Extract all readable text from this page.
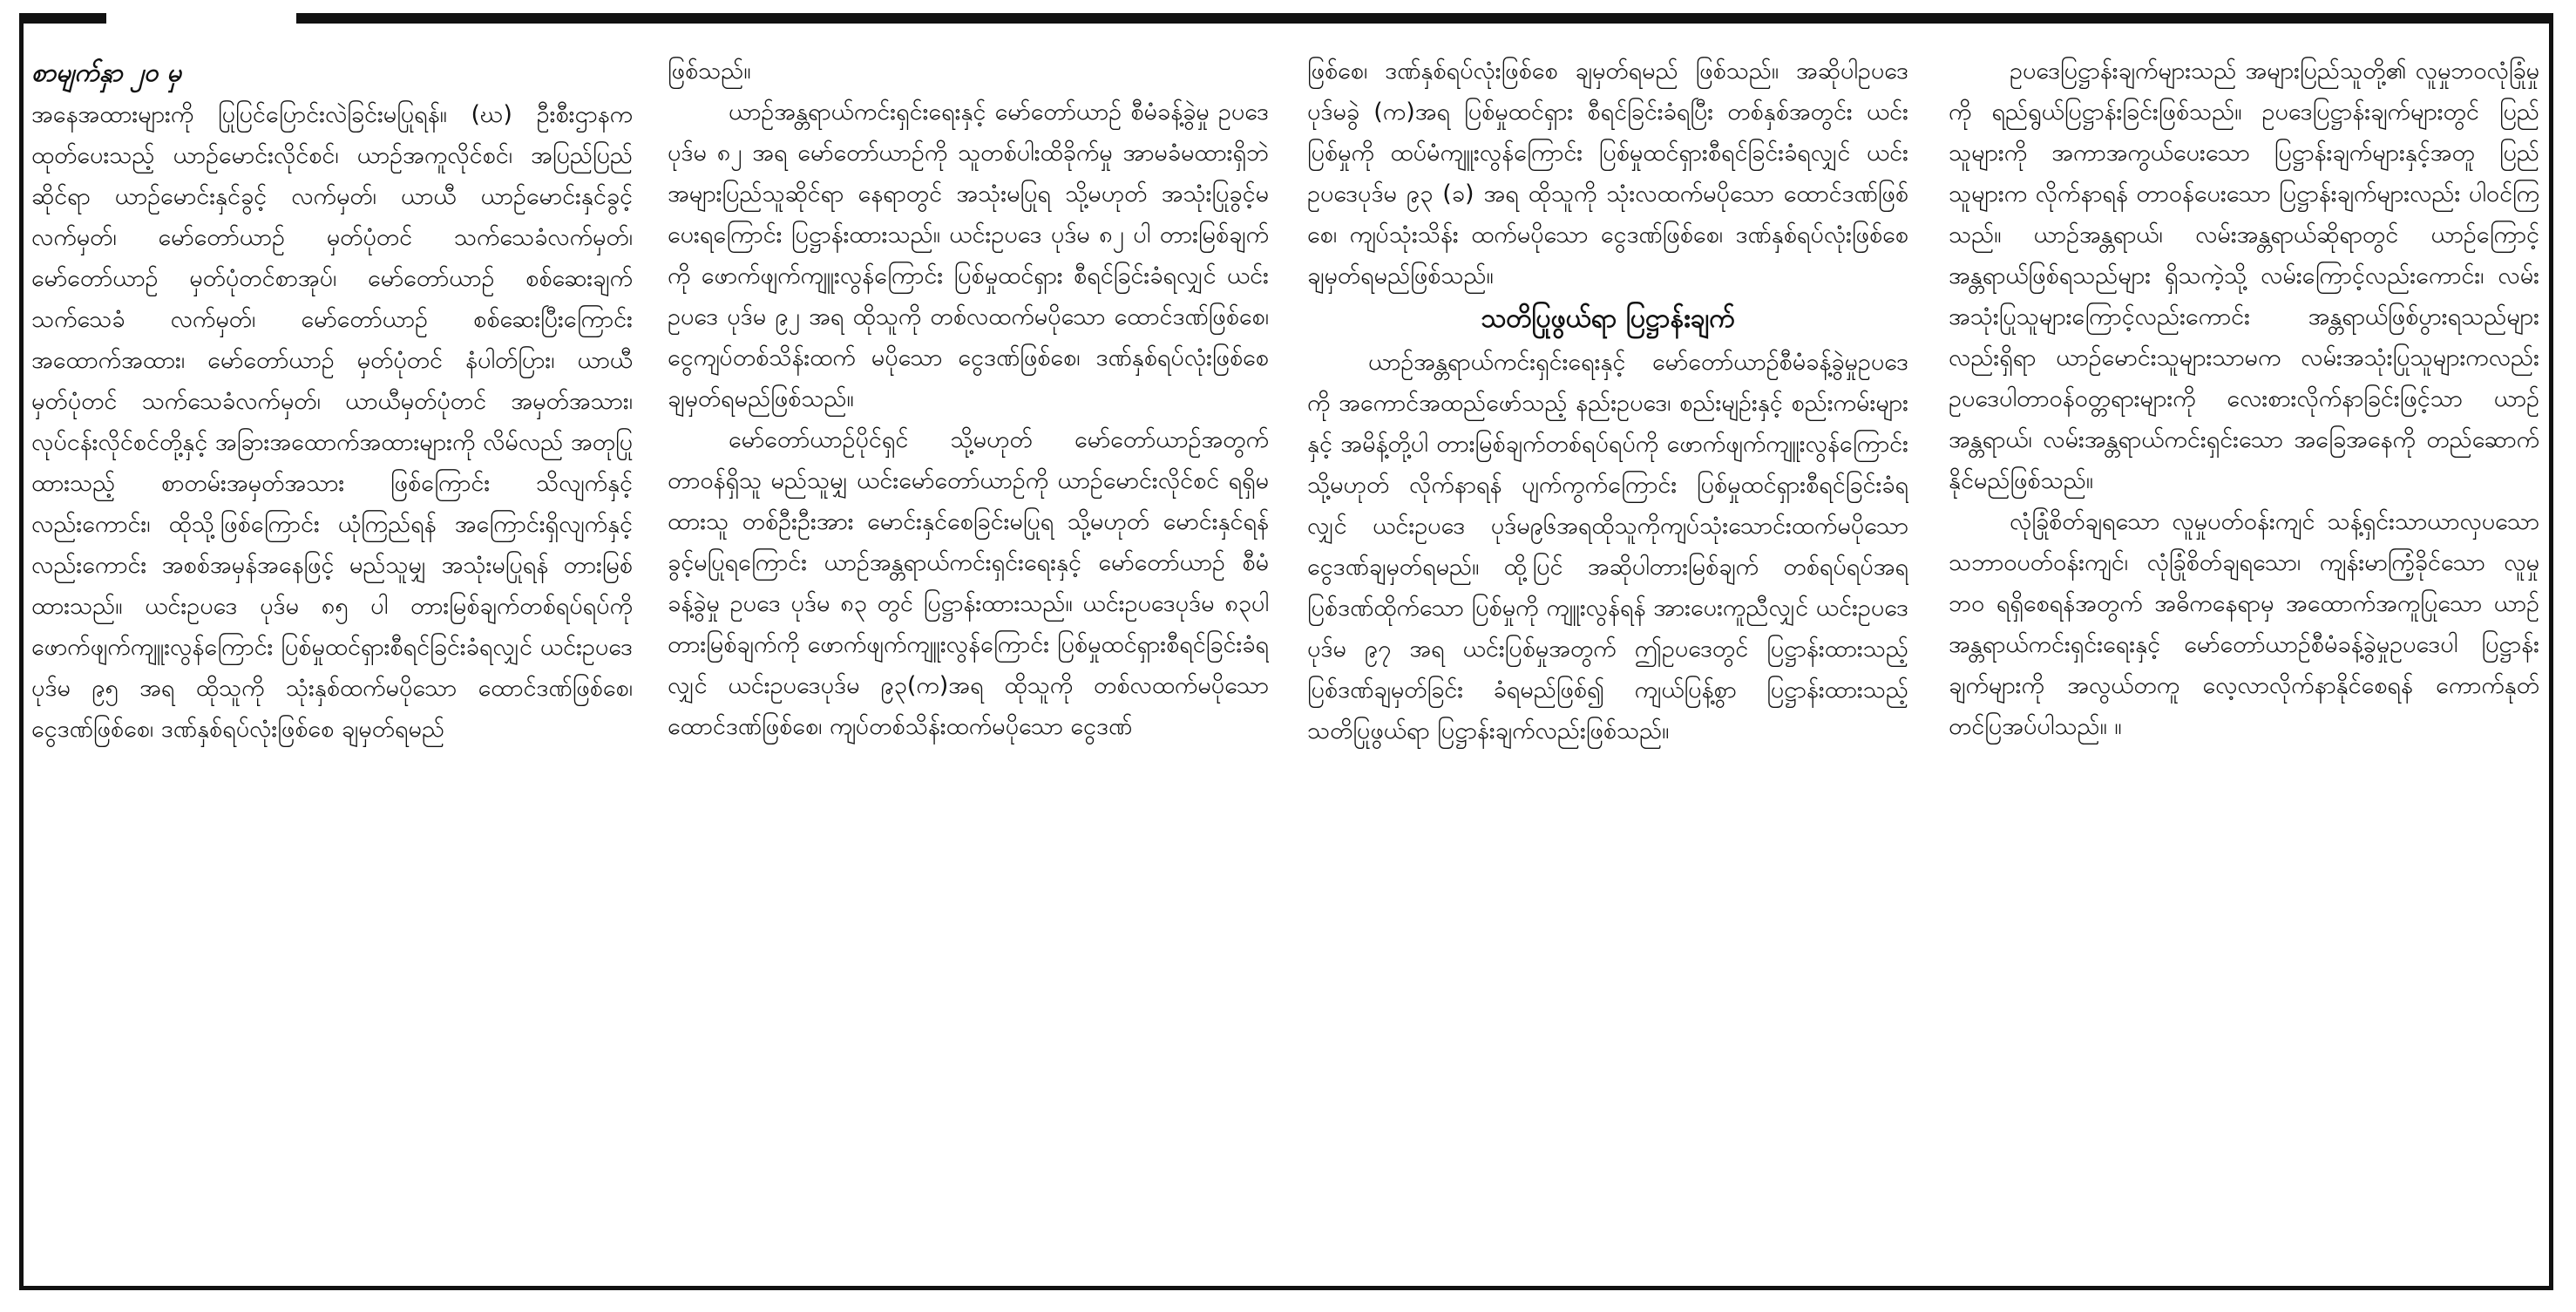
စာမျက်နှာ ၂၀ မှ

အနေအထားများကို ပြုပြင်ပြောင်းလဲခြင်းမပြုရန်။ (ဃ) ဦးစီးဌာနကထုတ်ပေးသည့် ယာဉ်မောင်းလိုင်စင်၊ ယာဉ်အကူလိုင်စင်၊ အပြည်ပြည်ဆိုင်ရာ ယာဉ်မောင်းနှင်ခွင့် လက်မှတ်၊ ယာယီ ယာဉ်မောင်းနှင်ခွင့်လက်မှတ်၊ မော်တော်ယာဉ် မှတ်ပုံတင် သက်သေခံလက်မှတ်၊ မော်တော်ယာဉ် မှတ်ပုံတင်စာအုပ်၊ မော်တော်ယာဉ် စစ်ဆေးချက် သက်သေခံ လက်မှတ်၊ မော်တော်ယာဉ် စစ်ဆေးပြီးကြောင်း အထောက်အထား၊ မော်တော်ယာဉ် မှတ်ပုံတင် နံပါတ်ပြား၊ ယာယီမှတ်ပုံတင် သက်သေခံလက်မှတ်၊ ယာယီမှတ်ပုံတင် အမှတ်အသား၊ လုပ်ငန်းလိုင်စင်တို့နှင့် အခြားအထောက်အထားများကို လိမ်လည် အတုပြုထားသည့် စာတမ်းအမှတ်အသား ဖြစ်ကြောင်း သိလျက်နှင့်လည်းကောင်း၊ ထိုသို့ဖြစ်ကြောင်း ယုံကြည်ရန် အကြောင်းရှိလျက်နှင့်လည်းကောင်း အစစ်အမှန်အနေဖြင့် မည်သူမျှ အသုံးမပြုရန် တားမြစ်ထားသည်။ ယင်းဥပဒေ ပုဒ်မ ၈၅ ပါ တားမြစ်ချက်တစ်ရပ်ရပ်ကို ဖောက်ဖျက်ကျူးလွန်ကြောင်း ပြစ်မှုထင်ရှားစီရင်ခြင်းခံရလျှင် ယင်းဥပဒေ ပုဒ်မ ၉၅ အရ ထိုသူကို သုံးနှစ်ထက်မပိုသော ထောင်ဒဏ်ဖြစ်စေ၊ ငွေဒဏ်ဖြစ်စေ၊ ဒဏ်နှစ်ရပ်လုံးဖြစ်စေ ချမှတ်ရမည်

ဖြစ်သည်။

ယာဉ်အန္တရာယ်ကင်းရှင်းရေးနှင့် မော်တော်ယာဉ် စီမံခန့်ခွဲမှု ဥပဒေပုဒ်မ ၈၂ အရ မော်တော်ယာဉ်ကို သူတစ်ပါးထိခိုက်မှု အာမခံမထားရှိဘဲ အများပြည်သူဆိုင်ရာ နေရာတွင် အသုံးမပြုရ သို့မဟုတ် အသုံးပြုခွင့်မပေးရကြောင်း ပြဋ္ဌာန်းထားသည်။ ယင်းဥပဒေ ပုဒ်မ ၈၂ ပါ တားမြစ်ချက်ကို ဖောက်ဖျက်ကျူးလွန်ကြောင်း ပြစ်မှုထင်ရှား စီရင်ခြင်းခံရလျှင် ယင်းဥပဒေ ပုဒ်မ ၉၂ အရ ထိုသူကို တစ်လထက်မပိုသော ထောင်ဒဏ်ဖြစ်စေ၊ ငွေကျပ်တစ်သိန်းထက် မပိုသော ငွေဒဏ်ဖြစ်စေ၊ ဒဏ်နှစ်ရပ်လုံးဖြစ်စေ ချမှတ်ရမည်ဖြစ်သည်။

မော်တော်ယာဉ်ပိုင်ရှင် သို့မဟုတ် မော်တော်ယာဉ်အတွက် တာဝန်ရှိသူ မည်သူမျှ ယင်းမော်တော်ယာဉ်ကို ယာဉ်မောင်းလိုင်စင် ရရှိမထားသူ တစ်ဦးဦးအား မောင်းနှင်စေခြင်းမပြုရ သို့မဟုတ် မောင်းနှင်ရန် ခွင့်မပြုရကြောင်း ယာဉ်အန္တရာယ်ကင်းရှင်းရေးနှင့် မော်တော်ယာဉ် စီမံခန့်ခွဲမှု ဥပဒေ ပုဒ်မ ၈၃ တွင် ပြဋ္ဌာန်းထားသည်။ ယင်းဥပဒေပုဒ်မ ၈၃ပါတားမြစ်ချက်ကို ဖောက်ဖျက်ကျူးလွန်ကြောင်း ပြစ်မှုထင်ရှားစီရင်ခြင်းခံရလျှင် ယင်းဥပဒေပုဒ်မ ၉၃(က)အရ ထိုသူကို တစ်လထက်မပိုသော ထောင်ဒဏ်ဖြစ်စေ၊ ကျပ်တစ်သိန်းထက်မပိုသော ငွေဒဏ်

ဖြစ်စေ၊ ဒဏ်နှစ်ရပ်လုံးဖြစ်စေ ချမှတ်ရမည် ဖြစ်သည်။ အဆိုပါဥပဒေပုဒ်မခွဲ (က)အရ ပြစ်မှုထင်ရှား စီရင်ခြင်းခံရပြီး တစ်နှစ်အတွင်း ယင်းပြစ်မှုကို ထပ်မံကျူးလွန်ကြောင်း ပြစ်မှုထင်ရှားစီရင်ခြင်းခံရလျှင် ယင်းဥပဒေပုဒ်မ ၉၃ (ခ) အရ ထိုသူကို သုံးလထက်မပိုသော ထောင်ဒဏ်ဖြစ်စေ၊ ကျပ်သုံးသိန်း ထက်မပိုသော ငွေဒဏ်ဖြစ်စေ၊ ဒဏ်နှစ်ရပ်လုံးဖြစ်စေ ချမှတ်ရမည်ဖြစ်သည်။

သတိပြုဖွယ်ရာ ပြဋ္ဌာန်းချက်

ယာဉ်အန္တရာယ်ကင်းရှင်းရေးနှင့် မော်တော်ယာဉ်စီမံခန့်ခွဲမှုဥပဒေကို အကောင်အထည်ဖော်သည့် နည်းဥပဒေ၊ စည်းမျဉ်းနှင့် စည်းကမ်းများနှင့် အမိန့်တို့ပါ တားမြစ်ချက်တစ်ရပ်ရပ်ကို ဖောက်ဖျက်ကျူးလွန်ကြောင်း သို့မဟုတ် လိုက်နာရန် ပျက်ကွက်ကြောင်း ပြစ်မှုထင်ရှားစီရင်ခြင်းခံရလျှင် ယင်းဥပဒေ ပုဒ်မ၉၆အရထိုသူကိုကျပ်သုံးသောင်းထက်မပိုသော ငွေဒဏ်ချမှတ်ရမည်။ ထို့ပြင် အဆိုပါတားမြစ်ချက် တစ်ရပ်ရပ်အရ ပြစ်ဒဏ်ထိုက်သော ပြစ်မှုကို ကျူးလွန်ရန် အားပေးကူညီလျှင် ယင်းဥပဒေပုဒ်မ ၉၇ အရ ယင်းပြစ်မှုအတွက် ဤဥပဒေတွင် ပြဋ္ဌာန်းထားသည့် ပြစ်ဒဏ်ချမှတ်ခြင်း ခံရမည်ဖြစ်၍ ကျယ်ပြန့်စွာ ပြဋ္ဌာန်းထားသည့် သတိပြုဖွယ်ရာ ပြဋ္ဌာန်းချက်လည်းဖြစ်သည်။

ဥပဒေပြဋ္ဌာန်းချက်များသည် အများပြည်သူတို့၏ လူမှုဘဝလုံခြုံမှုကို ရည်ရွယ်ပြဋ္ဌာန်းခြင်းဖြစ်သည်။ ဥပဒေပြဋ္ဌာန်းချက်များတွင် ပြည်သူများကို အကာအကွယ်ပေးသော ပြဋ္ဌာန်းချက်များနှင့်အတူ ပြည်သူများက လိုက်နာရန် တာဝန်ပေးသော ပြဋ္ဌာန်းချက်များလည်း ပါဝင်ကြသည်။ ယာဉ်အန္တရာယ်၊ လမ်းအန္တရာယ်ဆိုရာတွင် ယာဉ်ကြောင့် အန္တရာယ်ဖြစ်ရသည်များ ရှိသကဲ့သို့ လမ်းကြောင့်လည်းကောင်း၊ လမ်းအသုံးပြုသူများကြောင့်လည်းကောင်း အန္တရာယ်ဖြစ်ပွားရသည်များလည်းရှိရာ ယာဉ်မောင်းသူများသာမက လမ်းအသုံးပြုသူများကလည်း ဥပဒေပါတာဝန်ဝတ္တရားများကို လေးစားလိုက်နာခြင်းဖြင့်သာ ယာဉ်အန္တရာယ်၊ လမ်းအန္တရာယ်ကင်းရှင်းသော အခြေအနေကို တည်ဆောက်နိုင်မည်ဖြစ်သည်။

လုံခြုံစိတ်ချရသော လူမှုပတ်ဝန်းကျင် သန့်ရှင်းသာယာလှပသော သဘာဝပတ်ဝန်းကျင်၊ လုံခြုံစိတ်ချရသော၊ ကျန်းမာကြံ့ခိုင်သော လူမှုဘဝ ရရှိစေရန်အတွက် အဓိကနေရာမှ အထောက်အကူပြုသော ယာဉ်အန္တရာယ်ကင်းရှင်းရေးနှင့် မော်တော်ယာဉ်စီမံခန့်ခွဲမှုဥပဒေပါ ပြဋ္ဌာန်းချက်များကို အလွယ်တကူ လေ့လာလိုက်နာနိုင်စေရန် ကောက်နုတ်တင်ပြအပ်ပါသည်။ ။
